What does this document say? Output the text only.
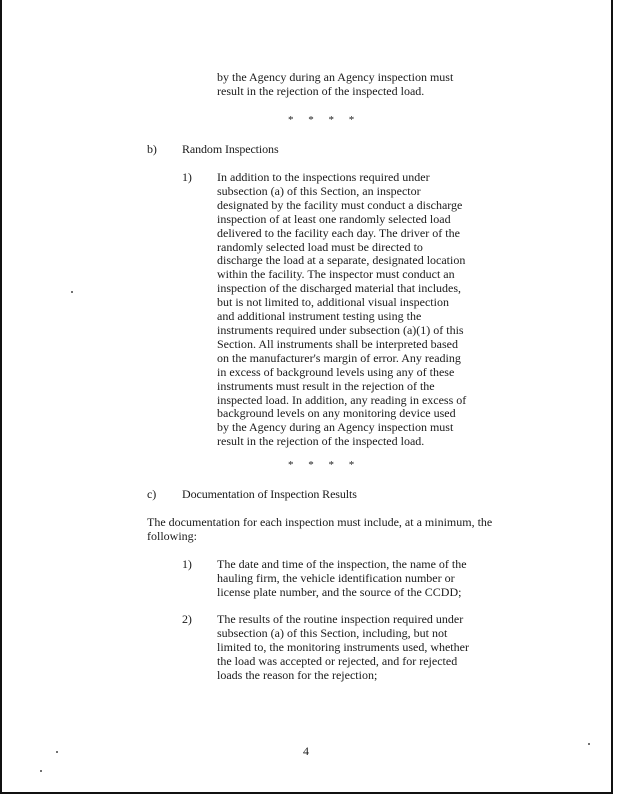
by the Agency during an Agency inspection must
result in the rejection of the inspected load.
* * * *
b) Random Inspections
1) In addition to the inspections required under
subsection (a) of this Section, an inspector
designated by the facility must conduct a discharge
inspection of at least one randomly selected load
delivered to the facility each day. The driver of the
randomly selected load must be directed to
discharge the load at a separate, designated location
within the facility. The inspector must conduct an
inspection of the discharged material that includes,
but is not limited to, additional visual inspection
and additional instrument testing using the
instruments required under subsection (a)(1) of this
Section. All instruments shall be interpreted based
on the manufacturer's margin of error. Any reading
in excess of background levels using any of these
instruments must result in the rejection of the
inspected load. In addition, any reading in excess of
background levels on any monitoring device used
by the Agency during an Agency inspection must
result in the rejection of the inspected load.
* * * *
c) Documentation of Inspection Results
The documentation for each inspection must include, at a minimum, the
following:
1) The date and time of the inspection, the name of the
hauling firm, the vehicle identification number or
license plate number, and the source of the CCDD;
2) The results of the routine inspection required under
subsection (a) of this Section, including, but not
limited to, the monitoring instruments used, whether
the load was accepted or rejected, and for rejected
loads the reason for the rejection;
4
